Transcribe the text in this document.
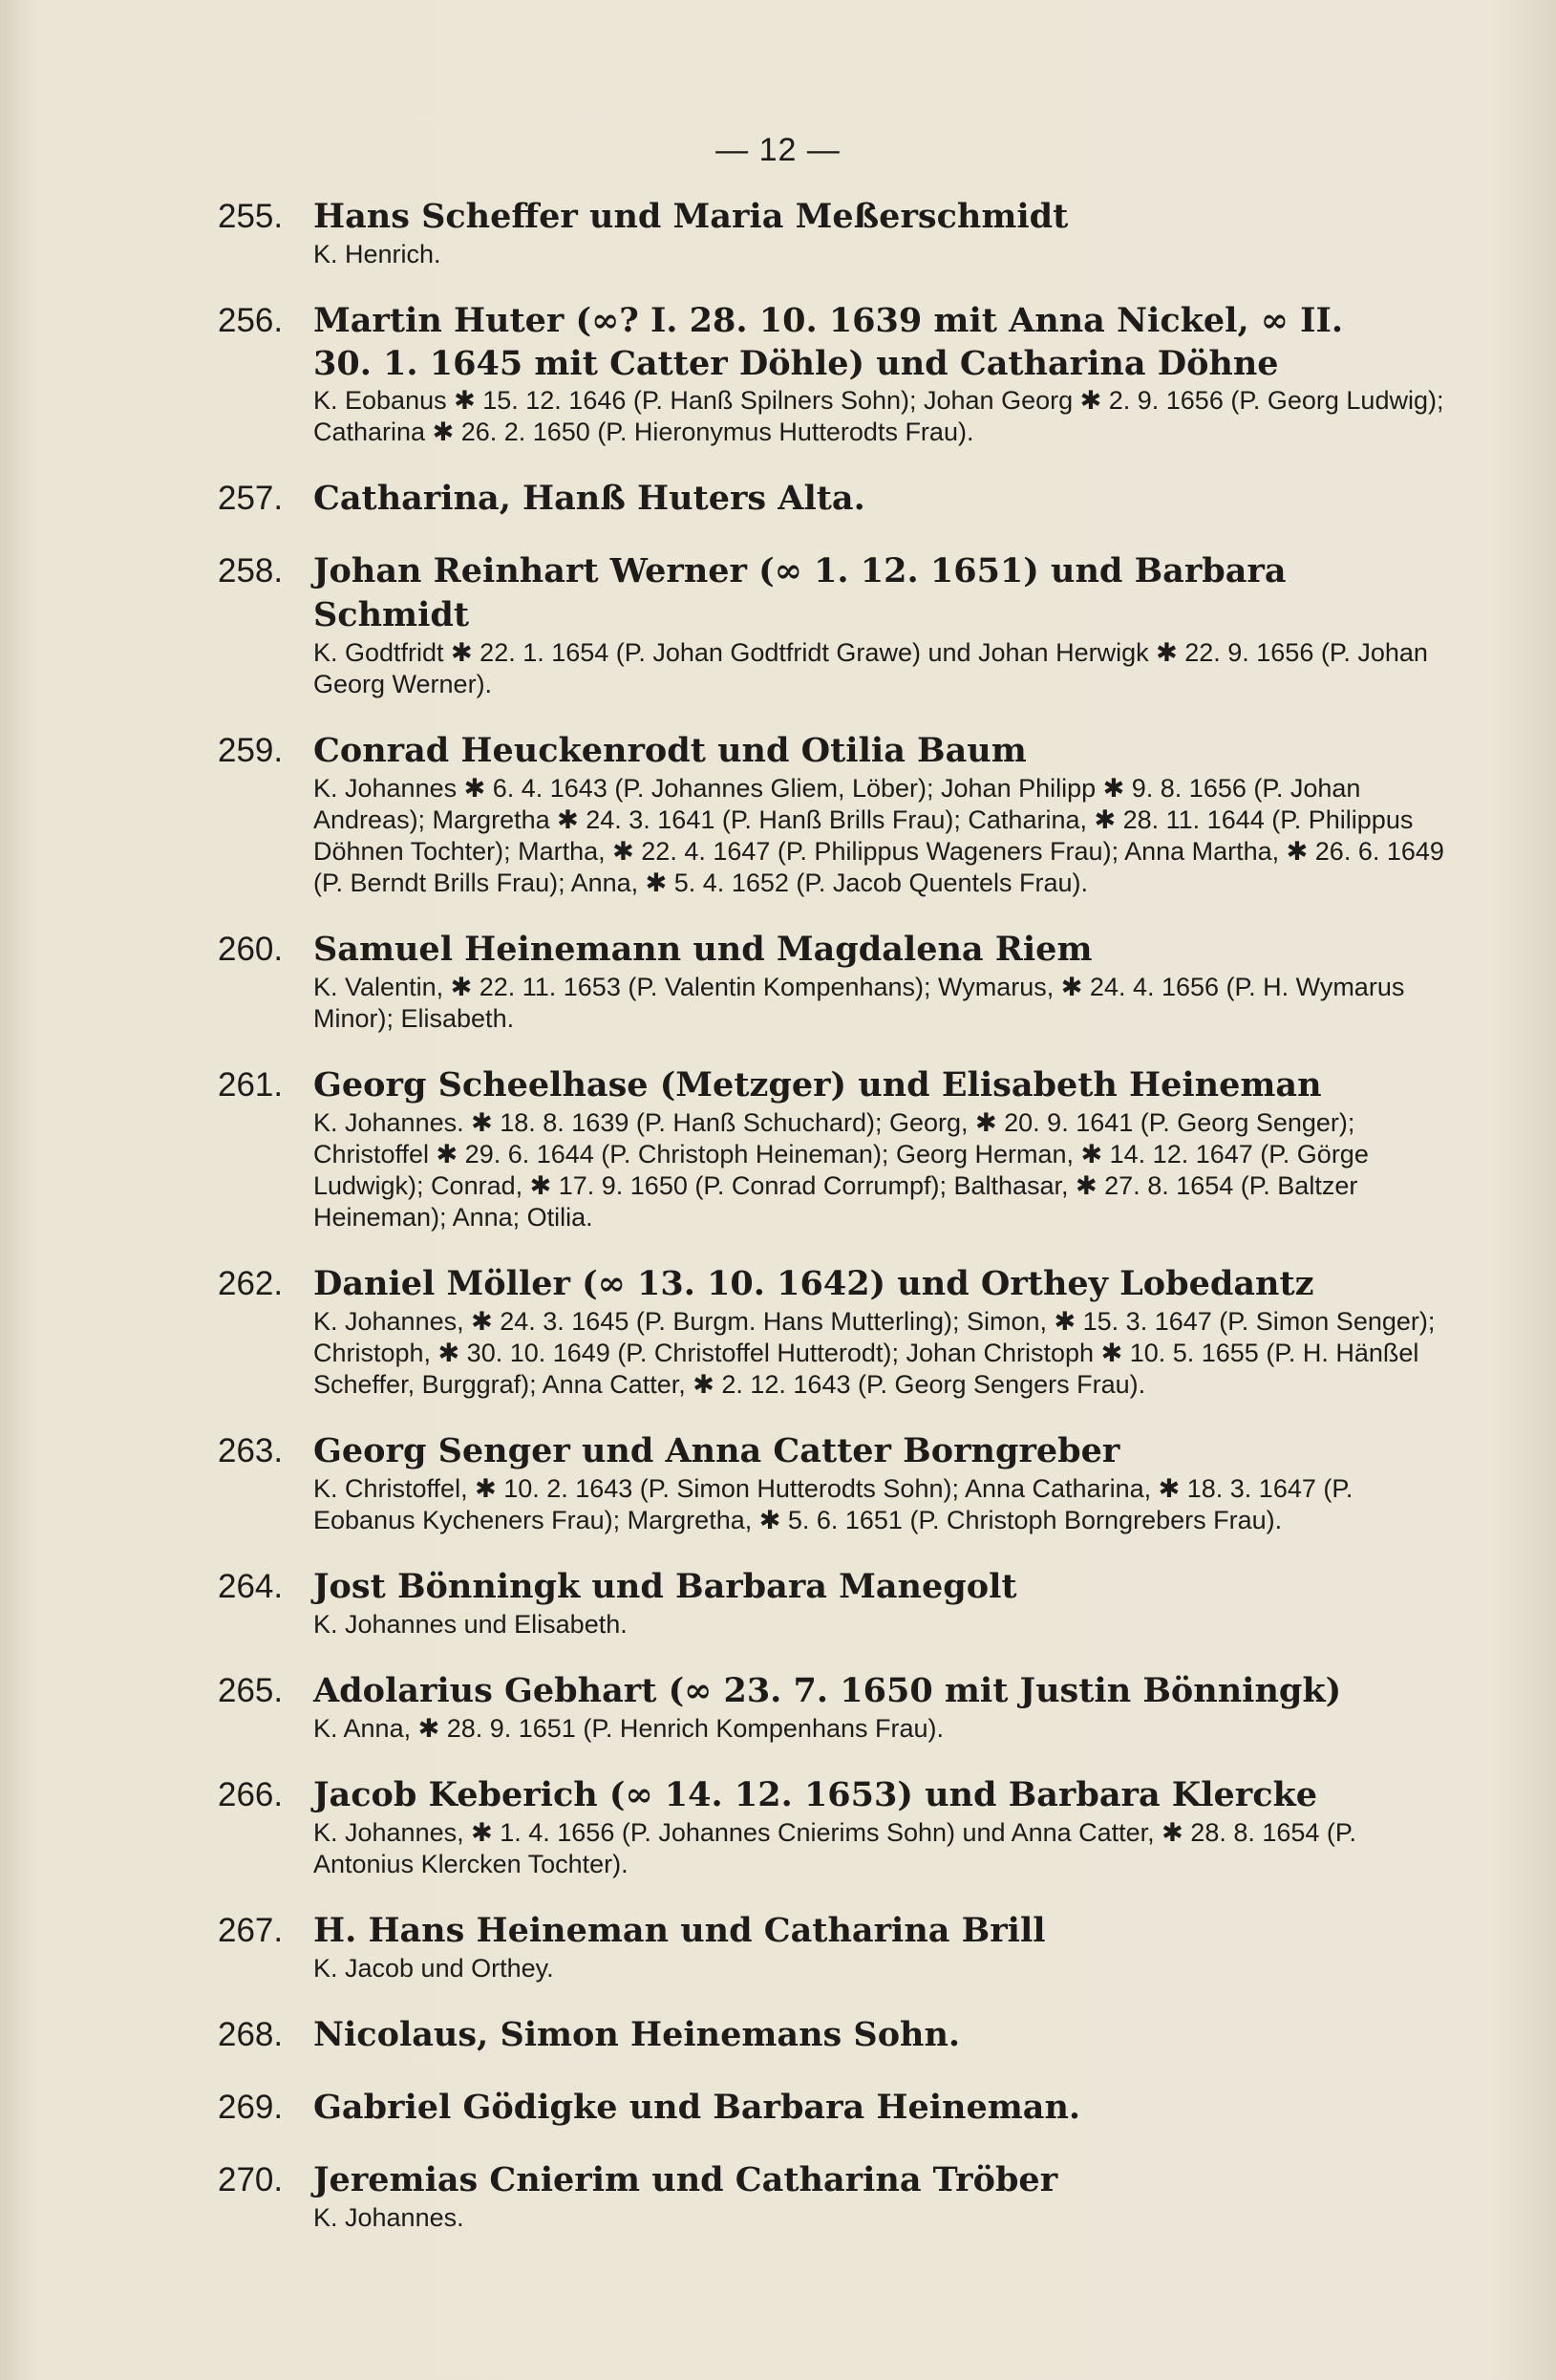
— 12 —
255. Hans Scheffer und Maria Meßerschmidt
K. Henrich.
256. Martin Huter (∞? I. 28. 10. 1639 mit Anna Nickel, ∞ II.
30. 1. 1645 mit Catter Döhle) und Catharina Döhne
K. Eobanus ✱ 15. 12. 1646 (P. Hanß Spilners Sohn); Johan Georg ✱ 2. 9. 1656 (P. Georg Ludwig); Catharina ✱ 26. 2. 1650 (P. Hieronymus Hutterodts Frau).
257. Catharina, Hanß Huters Alta.
258. Johan Reinhart Werner (∞ 1. 12. 1651) und Barbara Schmidt
K. Godtfridt ✱ 22. 1. 1654 (P. Johan Godtfridt Grawe) und Johan Herwigk ✱ 22. 9. 1656 (P. Johan Georg Werner).
259. Conrad Heuckenrodt und Otilia Baum
K. Johannes ✱ 6. 4. 1643 (P. Johannes Gliem, Löber); Johan Philipp ✱ 9. 8. 1656 (P. Johan Andreas); Margretha ✱ 24. 3. 1641 (P. Hanß Brills Frau); Catharina, ✱ 28. 11. 1644 (P. Philippus Döhnen Tochter); Martha, ✱ 22. 4. 1647 (P. Philippus Wageners Frau); Anna Martha, ✱ 26. 6. 1649 (P. Berndt Brills Frau); Anna, ✱ 5. 4. 1652 (P. Jacob Quentels Frau).
260. Samuel Heinemann und Magdalena Riem
K. Valentin, ✱ 22. 11. 1653 (P. Valentin Kompenhans); Wymarus, ✱ 24. 4. 1656 (P. H. Wymarus Minor); Elisabeth.
261. Georg Scheelhase (Metzger) und Elisabeth Heineman
K. Johannes. ✱ 18. 8. 1639 (P. Hanß Schuchard); Georg, ✱ 20. 9. 1641 (P. Georg Senger); Christoffel ✱ 29. 6. 1644 (P. Christoph Heineman); Georg Herman, ✱ 14. 12. 1647 (P. Görge Ludwigk); Conrad, ✱ 17. 9. 1650 (P. Conrad Corrumpf); Balthasar, ✱ 27. 8. 1654 (P. Baltzer Heineman); Anna; Otilia.
262. Daniel Möller (∞ 13. 10. 1642) und Orthey Lobedantz
K. Johannes, ✱ 24. 3. 1645 (P. Burgm. Hans Mutterling); Simon, ✱ 15. 3. 1647 (P. Simon Senger); Christoph, ✱ 30. 10. 1649 (P. Christoffel Hutterodt); Johan Christoph ✱ 10. 5. 1655 (P. H. Hänßel Scheffer, Burggraf); Anna Catter, ✱ 2. 12. 1643 (P. Georg Sengers Frau).
263. Georg Senger und Anna Catter Borngreber
K. Christoffel, ✱ 10. 2. 1643 (P. Simon Hutterodts Sohn); Anna Catharina, ✱ 18. 3. 1647 (P. Eobanus Kycheners Frau); Margretha, ✱ 5. 6. 1651 (P. Christoph Borngrebers Frau).
264. Jost Bönningk und Barbara Manegolt
K. Johannes und Elisabeth.
265. Adolarius Gebhart (∞ 23. 7. 1650 mit Justin Bönningk)
K. Anna, ✱ 28. 9. 1651 (P. Henrich Kompenhans Frau).
266. Jacob Keberich (∞ 14. 12. 1653) und Barbara Klercke
K. Johannes, ✱ 1. 4. 1656 (P. Johannes Cnierims Sohn) und Anna Catter, ✱ 28. 8. 1654 (P. Antonius Klercken Tochter).
267. H. Hans Heineman und Catharina Brill
K. Jacob und Orthey.
268. Nicolaus, Simon Heinemans Sohn.
269. Gabriel Gödigke und Barbara Heineman.
270. Jeremias Cnierim und Catharina Tröber
K. Johannes.
